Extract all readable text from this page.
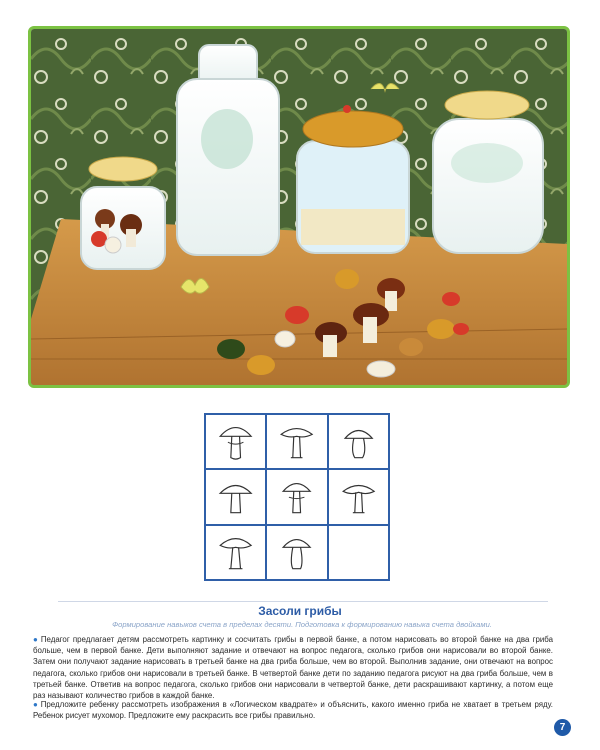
Засоли грибы
Формирование навыков счета в пределах десяти. Подготовка к формированию навыка счета двойками.

● Педагог предлагает детям рассмотреть картинку и сосчитать грибы в первой банке, а потом нарисовать во второй банке на два гриба больше, чем в первой банке. Дети выполняют задание и отвечают на вопрос педагога, сколько грибов они нарисовали во второй банке. Затем они получают задание нарисовать в третьей банке на два гриба больше, чем во второй. Выполнив задание, они отвечают на вопрос педагога, сколько грибов они нарисовали в третьей банке. В четвертой банке дети по заданию педагога рисуют на два гриба больше, чем в третьей банке. Ответив на вопрос педагога, сколько грибов они нарисовали в четвертой банке, дети раскрашивают картинку, а потом еще раз называют количество грибов в каждой банке.

● Предложите ребенку рассмотреть изображения в «Логическом квадрате» и объяснить, какого именно гриба не хватает в третьем ряду. Ребенок рисует мухомор. Предложите ему раскрасить все грибы правильно.

7
